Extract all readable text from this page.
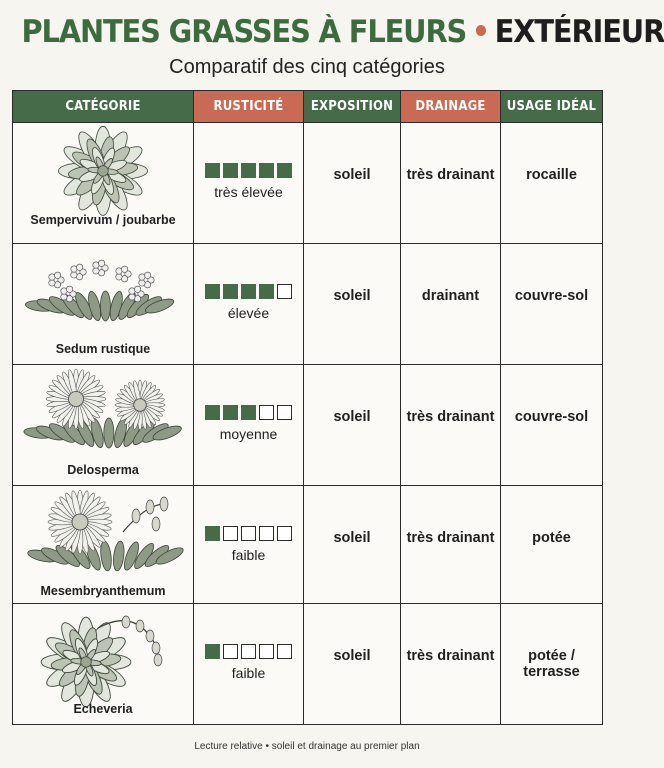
PLANTES GRASSES À FLEURS • EXTÉRIEUR
Comparatif des cinq catégories
CATÉGORIE	RUSTICITÉ	EXPOSITION	DRAINAGE	USAGE IDÉAL

Sempervivum / joubarbe	très élevée	soleil	très drainant	rocaille

Sedum rustique	élevée	soleil	drainant	couvre-sol

Delosperma	moyenne	soleil	très drainant	couvre-sol

Mesembryanthemum	faible	soleil	très drainant	potée

Echeveria	faible	soleil	très drainant	potée / terrasse
Lecture relative • soleil et drainage au premier plan
